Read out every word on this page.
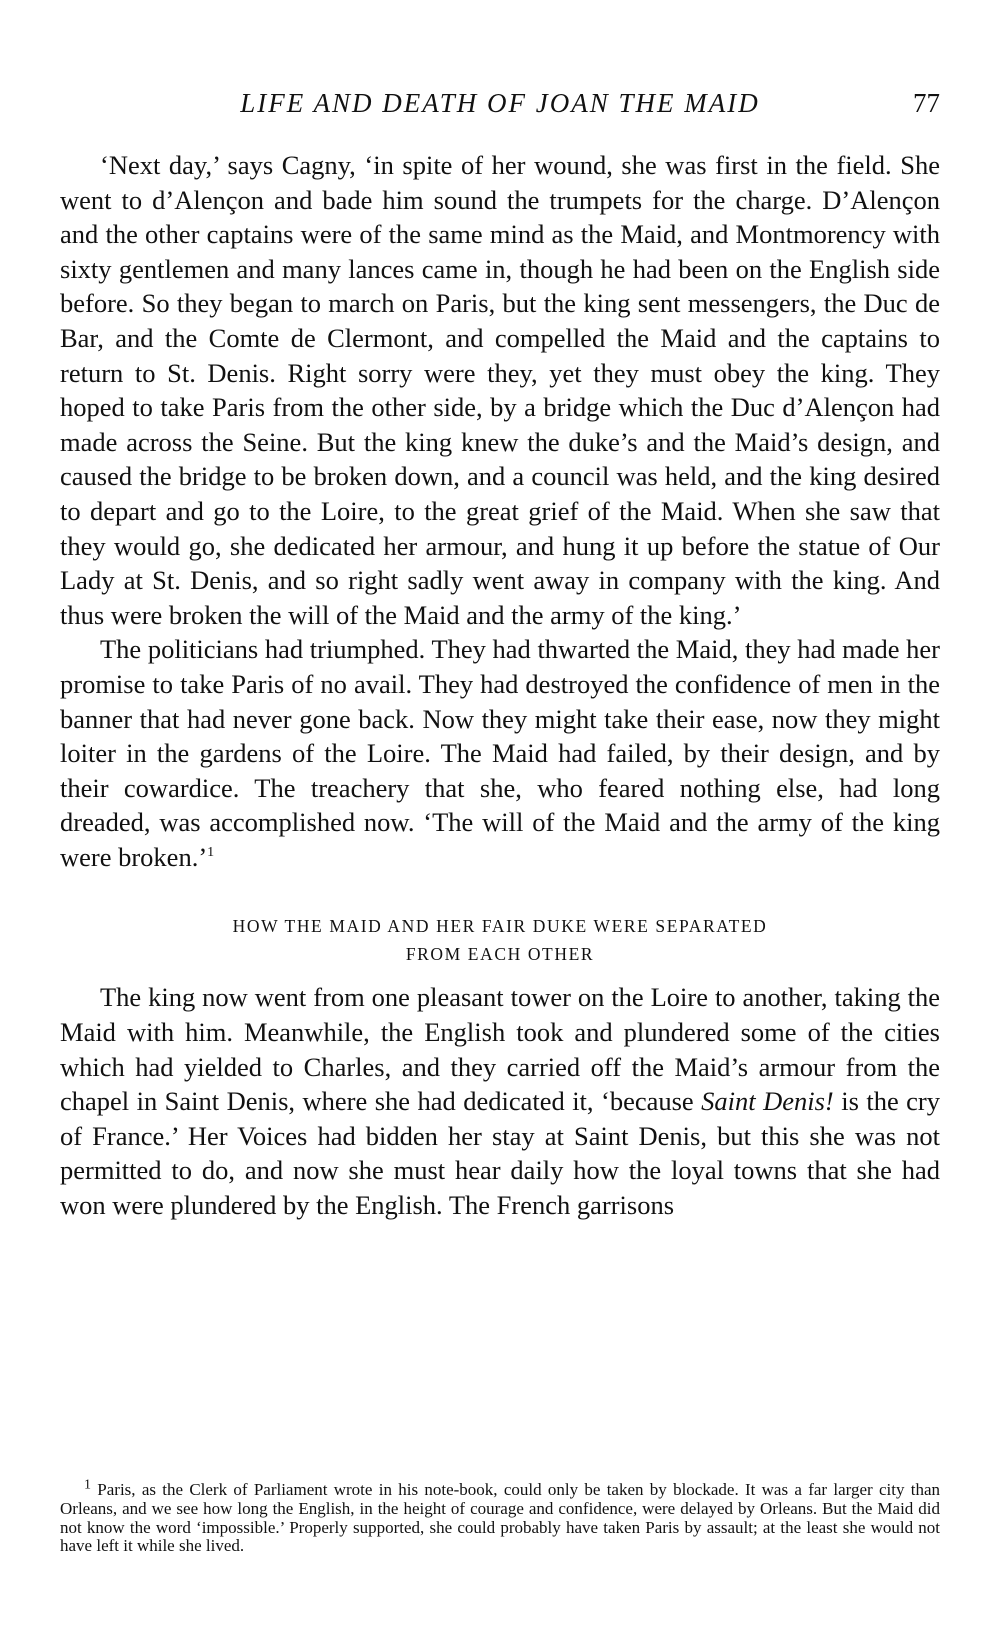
LIFE AND DEATH OF JOAN THE MAID	77

‘Next day,’ says Cagny, ‘in spite of her wound, she was first in the field. She went to d’Alençon and bade him sound the trumpets for the charge. D’Alençon and the other captains were of the same mind as the Maid, and Montmorency with sixty gentlemen and many lances came in, though he had been on the English side before. So they began to march on Paris, but the king sent messengers, the Duc de Bar, and the Comte de Clermont, and compelled the Maid and the captains to return to St. Denis. Right sorry were they, yet they must obey the king. They hoped to take Paris from the other side, by a bridge which the Duc d’Alençon had made across the Seine. But the king knew the duke’s and the Maid’s design, and caused the bridge to be broken down, and a council was held, and the king desired to depart and go to the Loire, to the great grief of the Maid. When she saw that they would go, she dedicated her armour, and hung it up before the statue of Our Lady at St. Denis, and so right sadly went away in company with the king. And thus were broken the will of the Maid and the army of the king.’

The politicians had triumphed. They had thwarted the Maid, they had made her promise to take Paris of no avail. They had destroyed the confidence of men in the banner that had never gone back. Now they might take their ease, now they might loiter in the gardens of the Loire. The Maid had failed, by their design, and by their cowardice. The treachery that she, who feared nothing else, had long dreaded, was accomplished now. ‘The will of the Maid and the army of the king were broken.’$^1$

HOW THE MAID AND HER FAIR DUKE WERE SEPARATED
FROM EACH OTHER

The king now went from one pleasant tower on the Loire to another, taking the Maid with him. Meanwhile, the English took and plundered some of the cities which had yielded to Charles, and they carried off the Maid’s armour from the chapel in Saint Denis, where she had dedicated it, ‘because Saint Denis! is the cry of France.’ Her Voices had bidden her stay at Saint Denis, but this she was not permitted to do, and now she must hear daily how the loyal towns that she had won were plundered by the English. The French garrisons

$^1$ Paris, as the Clerk of Parliament wrote in his note-book, could only be taken by blockade. It was a far larger city than Orleans, and we see how long the English, in the height of courage and confidence, were delayed by Orleans. But the Maid did not know the word ‘impossible.’ Properly supported, she could probably have taken Paris by assault; at the least she would not have left it while she lived.
